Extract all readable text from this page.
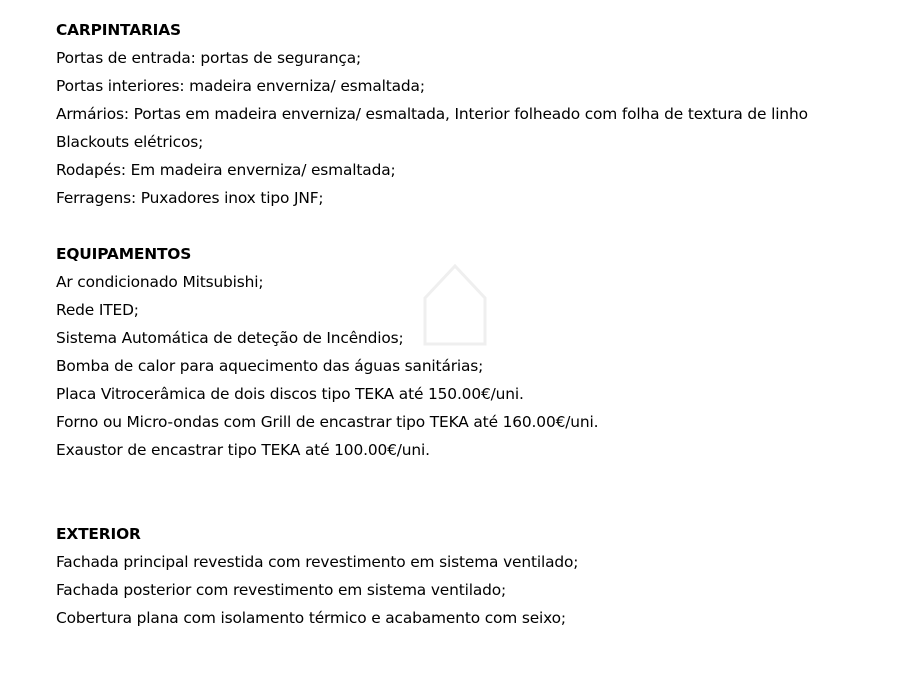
CARPINTARIAS
Portas de entrada: portas de segurança;
Portas interiores: madeira enverniza/ esmaltada;
Armários: Portas em madeira enverniza/ esmaltada, Interior folheado com folha de textura de linho
Blackouts elétricos;
Rodapés: Em madeira enverniza/ esmaltada;
Ferragens: Puxadores inox tipo JNF;
EQUIPAMENTOS
Ar condicionado Mitsubishi;
Rede ITED;
Sistema Automática de deteção de Incêndios;
Bomba de calor para aquecimento das águas sanitárias;
Placa Vitrocerâmica de dois discos tipo TEKA até 150.00€/uni.
Forno ou Micro-ondas com Grill de encastrar tipo TEKA até 160.00€/uni.
Exaustor de encastrar tipo TEKA até 100.00€/uni.
EXTERIOR
Fachada principal revestida com revestimento em sistema ventilado;
Fachada posterior com revestimento em sistema ventilado;
Cobertura plana com isolamento térmico e acabamento com seixo;
